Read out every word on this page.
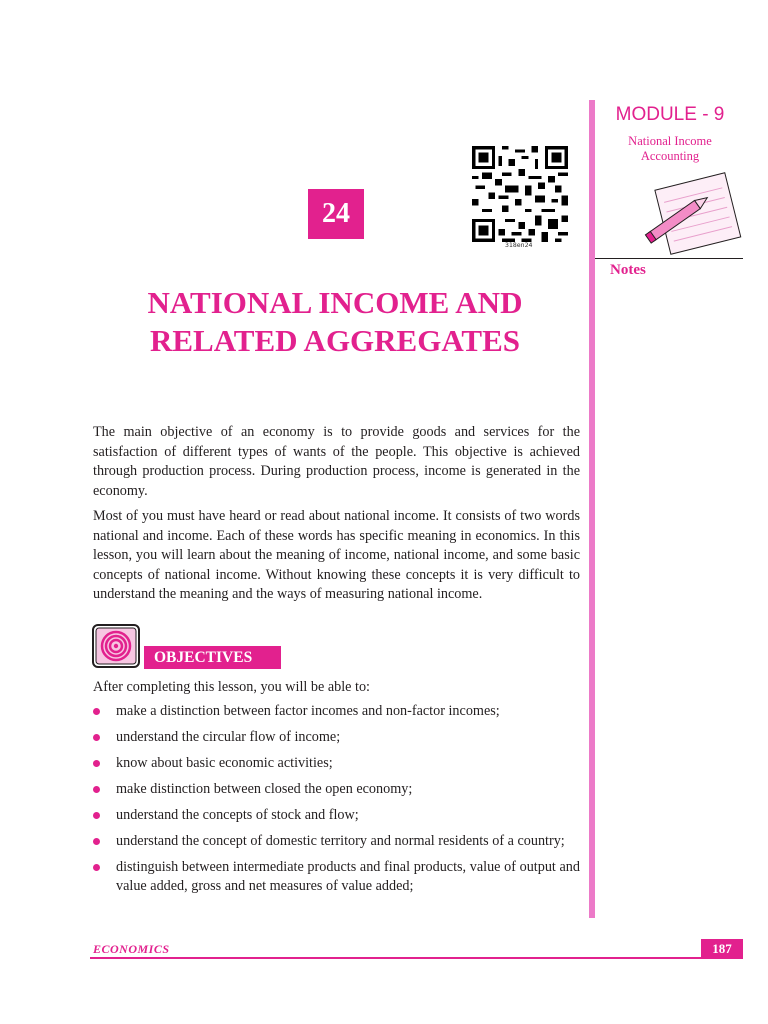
MODULE - 9
National Income
Accounting
Notes
318en24
24
NATIONAL INCOME AND
RELATED AGGREGATES

The main objective of an economy is to provide goods and services for the satisfaction of different types of wants of the people. This objective is achieved through production process. During production process, income is generated in the economy.

Most of you must have heard or read about national income. It consists of two words national and income. Each of these words has specific meaning in economics. In this lesson, you will learn about the meaning of income, national income, and some basic concepts of national income. Without knowing these concepts it is very difficult to understand the meaning and the ways of measuring national income.

OBJECTIVES
After completing this lesson, you will be able to:
make a distinction between factor incomes and non-factor incomes;
understand the circular flow of income;
know about basic economic activities;
make distinction between closed the open economy;
understand the concepts of stock and flow;
understand the concept of domestic territory and normal residents of a country;
distinguish between intermediate products and final products, value of output and value added, gross and net measures of value added;
ECONOMICS	187
